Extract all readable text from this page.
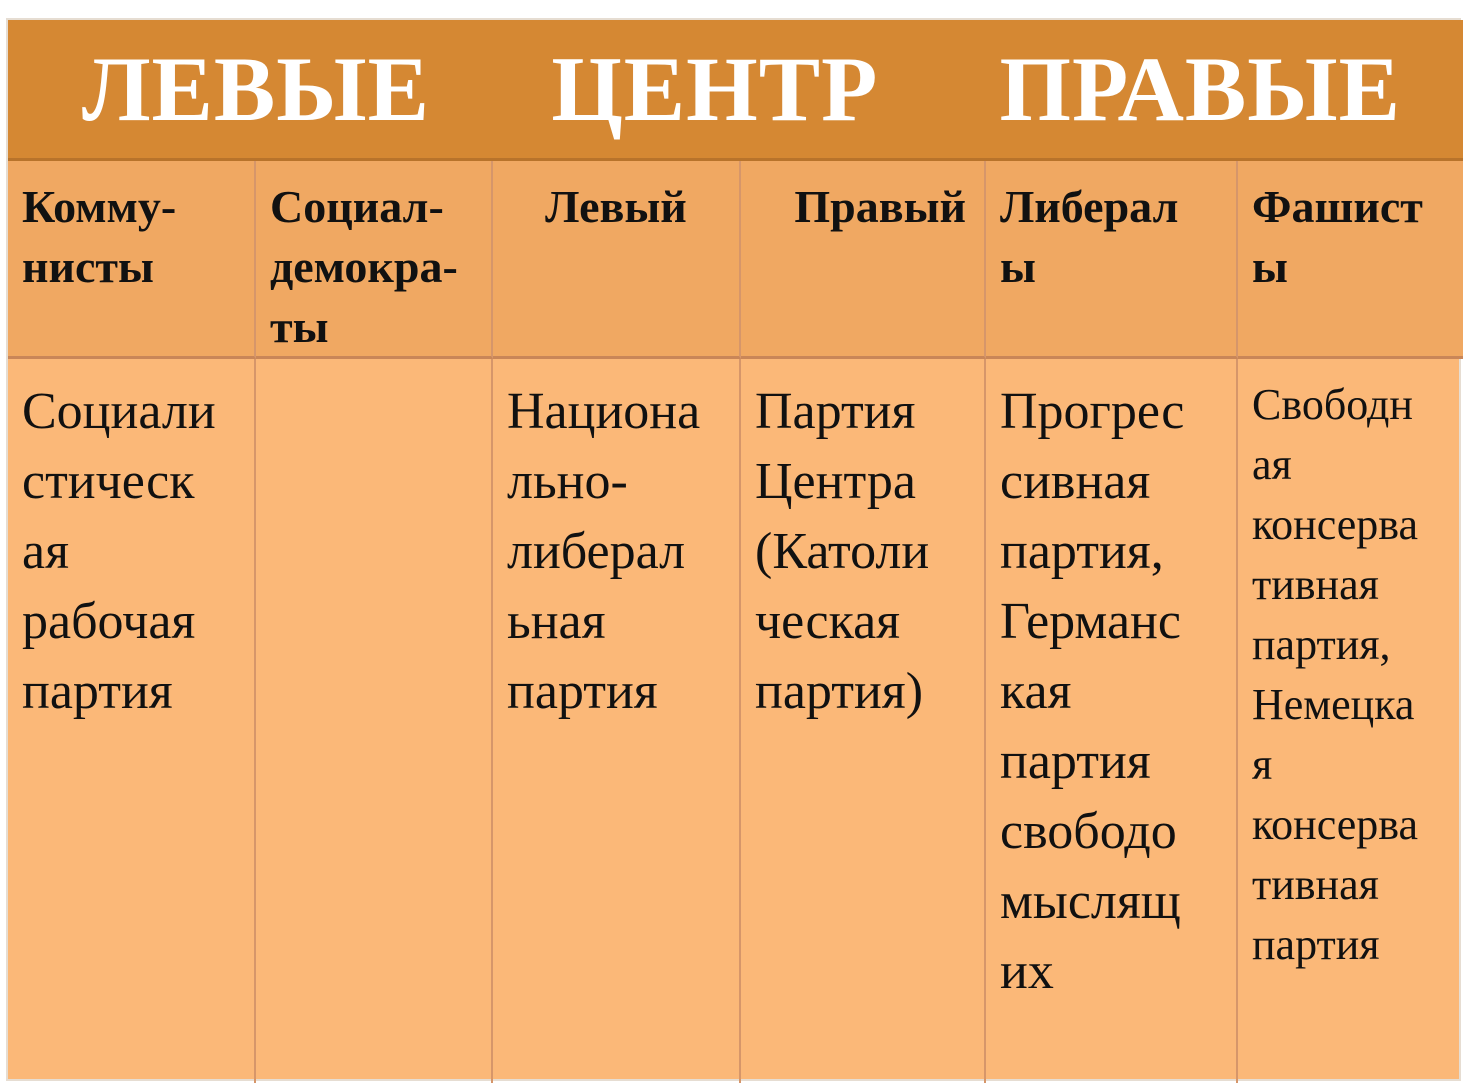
ЛЕВЫЕ ЦЕНТР ПРАВЫЕ
Комму-
нисты
Социал-
демокра-
ты
Левый	Правый Либерал
ы
Фашист
ы
Социали
стическ
ая
рабочая
партия
Национа
льно-
либерал
ьная
партия
Партия
Центра
(Католи
ческая
партия)
Прогрес
сивная
партия,
Германс
кая
партия
свободо
мыслящ
их
Свободн
ая
консерва
тивная
партия,
Немецка
я
консерва
тивная
партия
